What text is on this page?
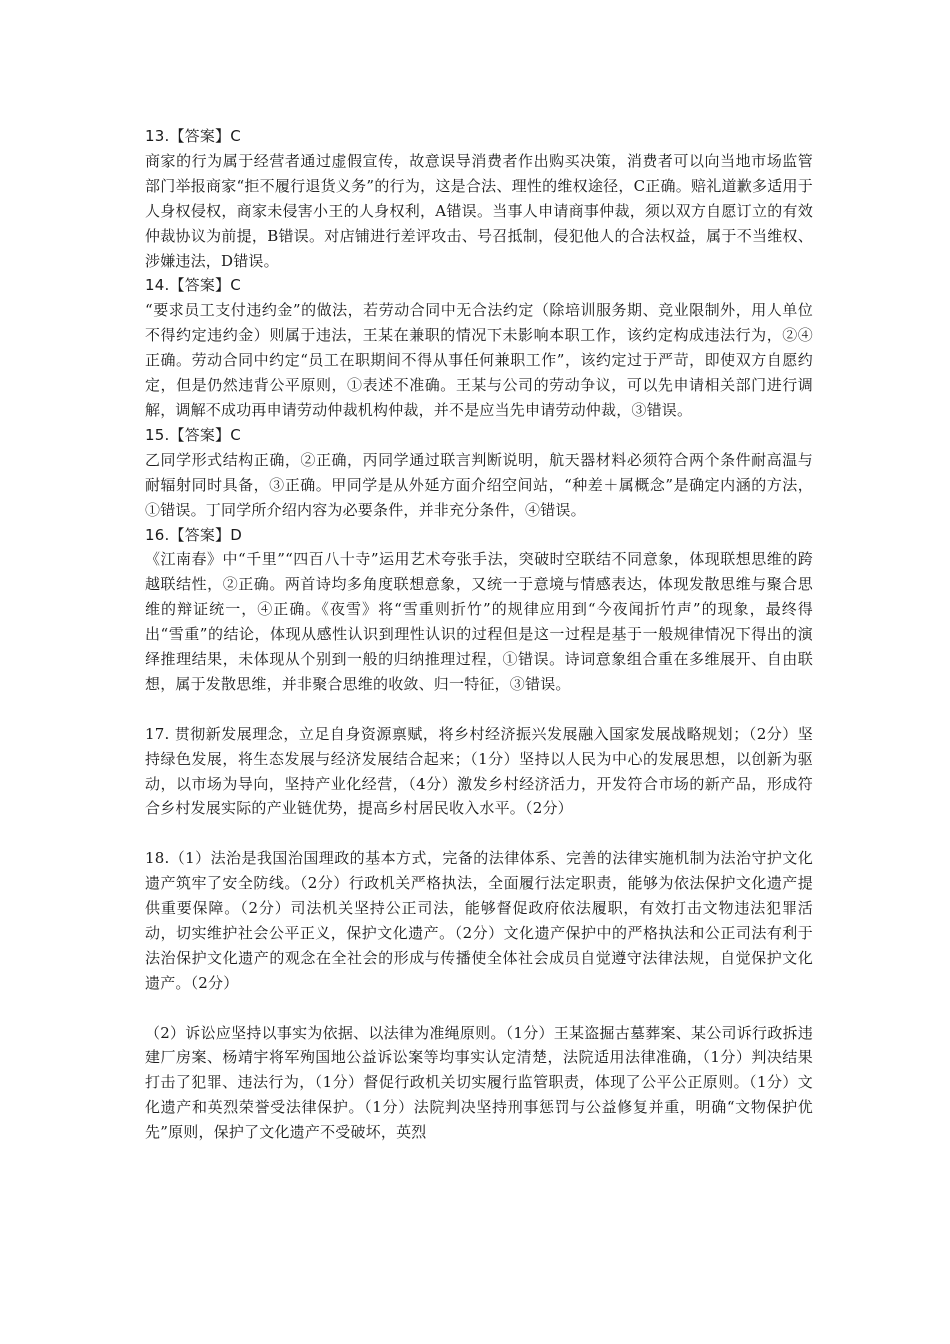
13.【答案】C

商家的行为属于经营者通过虚假宣传，故意误导消费者作出购买决策，消费者可以向当地市场监管部门举报商家“拒不履行退货义务”的行为，这是合法、理性的维权途径，C正确。赔礼道歉多适用于人身权侵权，商家未侵害小王的人身权利，A错误。当事人申请商事仲裁，须以双方自愿订立的有效仲裁协议为前提，B错误。对店铺进行差评攻击、号召抵制，侵犯他人的合法权益，属于不当维权、涉嫌违法，D错误。

14.【答案】C

“要求员工支付违约金”的做法，若劳动合同中无合法约定（除培训服务期、竞业限制外，用人单位不得约定违约金）则属于违法，王某在兼职的情况下未影响本职工作，该约定构成违法行为，②④正确。劳动合同中约定“员工在职期间不得从事任何兼职工作”，该约定过于严苛，即使双方自愿约定，但是仍然违背公平原则，①表述不准确。王某与公司的劳动争议，可以先申请相关部门进行调解，调解不成功再申请劳动仲裁机构仲裁，并不是应当先申请劳动仲裁，③错误。

15.【答案】C

乙同学形式结构正确，②正确，丙同学通过联言判断说明，航天器材料必须符合两个条件耐高温与耐辐射同时具备，③正确。甲同学是从外延方面介绍空间站，“种差＋属概念”是确定内涵的方法，①错误。丁同学所介绍内容为必要条件，并非充分条件，④错误。

16.【答案】D

《江南春》中“千里”“四百八十寺”运用艺术夸张手法，突破时空联结不同意象，体现联想思维的跨越联结性，②正确。两首诗均多角度联想意象，又统一于意境与情感表达，体现发散思维与聚合思维的辩证统一，④正确。《夜雪》将“雪重则折竹”的规律应用到“今夜闻折竹声”的现象，最终得出“雪重”的结论，体现从感性认识到理性认识的过程但是这一过程是基于一般规律情况下得出的演绎推理结果，未体现从个别到一般的归纳推理过程，①错误。诗词意象组合重在多维展开、自由联想，属于发散思维，并非聚合思维的收敛、归一特征，③错误。

17. 贯彻新发展理念，立足自身资源禀赋，将乡村经济振兴发展融入国家发展战略规划；（2分）坚持绿色发展，将生态发展与经济发展结合起来；（1分）坚持以人民为中心的发展思想，以创新为驱动，以市场为导向，坚持产业化经营，（4分）激发乡村经济活力，开发符合市场的新产品，形成符合乡村发展实际的产业链优势，提高乡村居民收入水平。（2分）

18.（1）法治是我国治国理政的基本方式，完备的法律体系、完善的法律实施机制为法治守护文化遗产筑牢了安全防线。（2分）行政机关严格执法，全面履行法定职责，能够为依法保护文化遗产提供重要保障。（2分）司法机关坚持公正司法，能够督促政府依法履职，有效打击文物违法犯罪活动，切实维护社会公平正义，保护文化遗产。（2分）文化遗产保护中的严格执法和公正司法有利于法治保护文化遗产的观念在全社会的形成与传播使全体社会成员自觉遵守法律法规，自觉保护文化遗产。（2分）

（2）诉讼应坚持以事实为依据、以法律为准绳原则。（1分）王某盗掘古墓葬案、某公司诉行政拆违建厂房案、杨靖宇将军殉国地公益诉讼案等均事实认定清楚，法院适用法律准确，（1分）判决结果打击了犯罪、违法行为，（1分）督促行政机关切实履行监管职责，体现了公平公正原则。（1分）文化遗产和英烈荣誉受法律保护。（1分）法院判决坚持刑事惩罚与公益修复并重，明确“文物保护优先”原则，保护了文化遗产不受破坏，英烈
